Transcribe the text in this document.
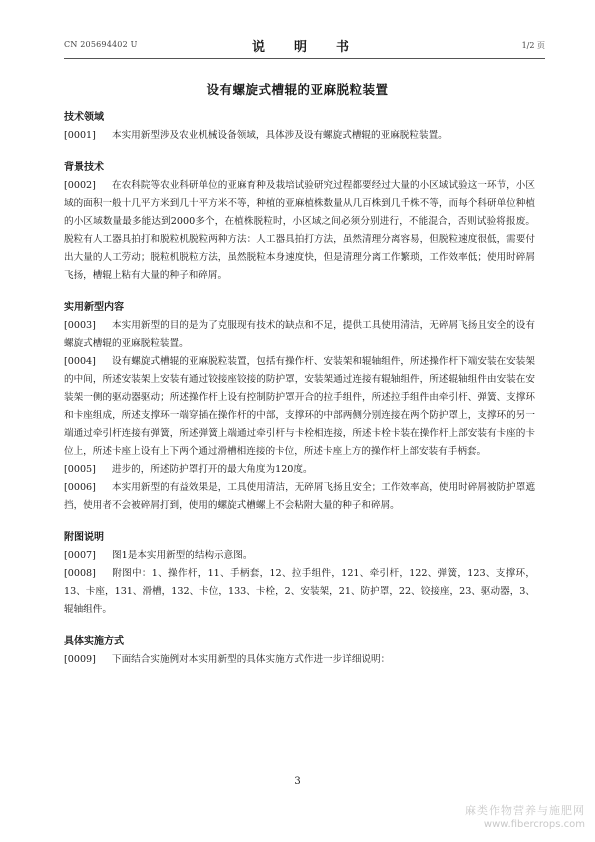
CN 205694402 U	说　明　书	1/2 页
设有螺旋式槽辊的亚麻脱粒装置
技术领域

[0001] 本实用新型涉及农业机械设备领域，具体涉及设有螺旋式槽辊的亚麻脱粒装置。

背景技术

[0002] 在农科院等农业科研单位的亚麻育种及栽培试验研究过程都要经过大量的小区域试验这一环节，小区域的面积一般十几平方米到几十平方米不等，种植的亚麻植株数量从几百株到几千株不等，而每个科研单位种植的小区域数量最多能达到2000多个，在植株脱粒时，小区域之间必须分别进行，不能混合，否则试验将报废。脱粒有人工器具拍打和脱粒机脱粒两种方法：人工器具拍打方法，虽然清理分离容易，但脱粒速度很低，需要付出大量的人工劳动；脱粒机脱粒方法，虽然脱粒本身速度快，但是清理分离工作繁琐，工作效率低；使用时碎屑飞扬，槽辊上粘有大量的种子和碎屑。

实用新型内容

[0003] 本实用新型的目的是为了克服现有技术的缺点和不足，提供工具使用清洁，无碎屑飞扬且安全的设有螺旋式槽辊的亚麻脱粒装置。

[0004] 设有螺旋式槽辊的亚麻脱粒装置，包括有操作杆、安装架和辊轴组件，所述操作杆下端安装在安装架的中间，所述安装架上安装有通过铰接座铰接的防护罩，安装架通过连接有辊轴组件，所述辊轴组件由安装在安装架一侧的驱动器驱动；所述操作杆上设有控制防护罩开合的拉手组件，所述拉手组件由牵引杆、弹簧、支撑环和卡座组成，所述支撑环一端穿插在操作杆的中部，支撑环的中部两侧分别连接在两个防护罩上，支撑环的另一端通过牵引杆连接有弹簧，所述弹簧上端通过牵引杆与卡栓相连接，所述卡栓卡装在操作杆上部安装有卡座的卡位上，所述卡座上设有上下两个通过滑槽相连接的卡位，所述卡座上方的操作杆上部安装有手柄套。

[0005] 进步的，所述防护罩打开的最大角度为120度。

[0006] 本实用新型的有益效果是，工具使用清洁，无碎屑飞扬且安全；工作效率高，使用时碎屑被防护罩遮挡，使用者不会被碎屑打到，使用的螺旋式槽螺上不会粘附大量的种子和碎屑。

附图说明

[0007] 图1是本实用新型的结构示意图。

[0008] 附图中：1、操作杆，11、手柄套，12、拉手组件，121、牵引杆，122、弹簧，123、支撑环，13、卡座，131、滑槽，132、卡位，133、卡栓，2、安装架，21、防护罩，22、铰接座，23、驱动器，3、辊轴组件。

具体实施方式

[0009] 下面结合实施例对本实用新型的具体实施方式作进一步详细说明：

3
麻类作物营养与施肥网
www.fibercrops.com
